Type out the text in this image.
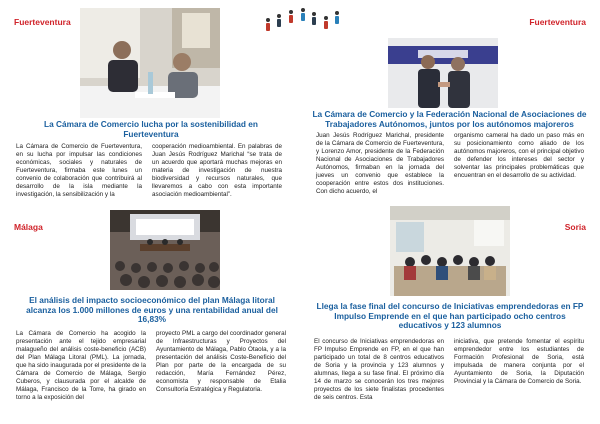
Fuerteventura	Fuerteventura
Málaga	Soria
La Cámara de Comercio lucha por la sostenibilidad en Fuerteventura
La Cámara de Comercio de Fuerteventura, en su lucha por impulsar las condiciones económicas, sociales y naturales de Fuerteventura, firmaba este lunes un convenio de colaboración que contribuirá al desarrollo de la isla mediante la investigación, la sensibilización y la
cooperación medioambiental. En palabras de Juan Jesús Rodríguez Marichal “se trata de un acuerdo que aportará muchas mejoras en materia de investigación de nuestra biodiversidad y recursos naturales, que llevaremos a cabo con esta importante asociación medioambiental”.
La Cámara de Comercio y la Federación Nacional de Asociaciones de Trabajadores Autónomos, juntos por los autónomos majoreros
Juan Jesús Rodríguez Marichal, presidente de la Cámara de Comercio de Fuerteventura, y Lorenzo Amor, presidente de la Federación Nacional de Asociaciones de Trabajadores Autónomos, firmaban en la jornada del jueves un convenio que establece la cooperación entre estos dos instituciones. Con dicho acuerdo, el
organismo cameral ha dado un paso más en su posicionamiento como aliado de los autónomos majoreros, con el principal objetivo de defender los intereses del sector y solventar las principales problemáticas que encuentran en el desarrollo de su actividad.
El análisis del impacto socioeconómico del plan Málaga litoral alcanza los 1.000 millones de euros y una rentabilidad anual del 16,83%
La Cámara de Comercio ha acogido la presentación ante el tejido empresarial malagueño del análisis coste-beneficio (ACB) del Plan Málaga Litoral (PML). La jornada, que ha sido inaugurada por el presidente de la Cámara de Comercio de Málaga, Sergio Cuberos, y clausurada por el alcalde de Málaga, Francisco de la Torre, ha girado en torno a la exposición del
proyecto PML a cargo del coordinador general de Infraestructuras y Proyectos del Ayuntamiento de Málaga, Pablo Otaola, y a la presentación del análisis Coste-Beneficio del Plan por parte de la encargada de su redacción, María Fernández Pérez, economista y responsable de Etalia Consultoría Estratégica y Regulatoria.
Llega la fase final del concurso de Iniciativas emprendedoras en FP Impulso Emprende en el que han participado ocho centros educativos y 123 alumnos
El concurso de Iniciativas emprendedoras en FP Impulso Emprende en FP, en el que han participado un total de 8 centros educativos de Soria y la provincia y 123 alumnos y alumnas, llega a su fase final. El próximo día 14 de marzo se conocerán los tres mejores proyectos de los siete finalistas procedentes de seis centros. Esta
iniciativa, que pretende fomentar el espíritu emprendedor entre los estudiantes de Formación Profesional de Soria, está impulsada de manera conjunta por el Ayuntamiento de Soria, la Diputación Provincial y la Cámara de Comercio de Soria.
